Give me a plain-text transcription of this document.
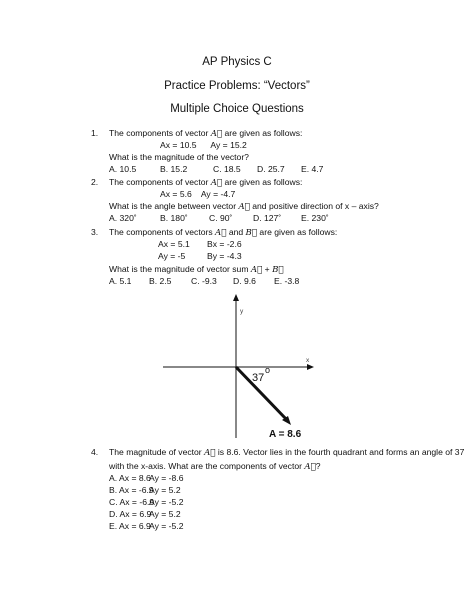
AP Physics C
Practice Problems: “Vectors”
Multiple Choice Questions
1. The components of vector A⃗ are given as follows:
Ax = 10.5      Ay = 15.2
What is the magnitude of the vector?
A. 10.5	B. 15.2	C. 18.5 D. 25.7 E. 4.7
2. The components of vector A⃗ are given as follows:
Ax = 5.6    Ay = -4.7
What is the angle between vector A⃗ and positive direction of x – axis?
A. 320˚	B. 180˚ C. 90˚ D. 127˚ E. 230˚
3. The components of vectors A⃗ and B⃗ are given as follows:
Ax = 5.1 Bx = -2.6
Ay = -5	By = -4.3
What is the magnitude of vector sum A⃗ + B⃗
A. 5.1 B. 2.5 C. -9.3 D. 9.6 E. -3.8
y
x
37
o
A = 8.6
4. The magnitude of vector A⃗ is 8.6. Vector lies in the fourth quadrant and forms an angle of 37
with the x-axis. What are the components of vector A⃗?
A. Ax = 8.6
Ay = -8.6
B. Ax = -6.9
Ay = 5.2
C. Ax = -6.9
Ay = -5.2
D. Ax = 6.9
Ay = 5.2
E. Ax = 6.9
Ay = -5.2
